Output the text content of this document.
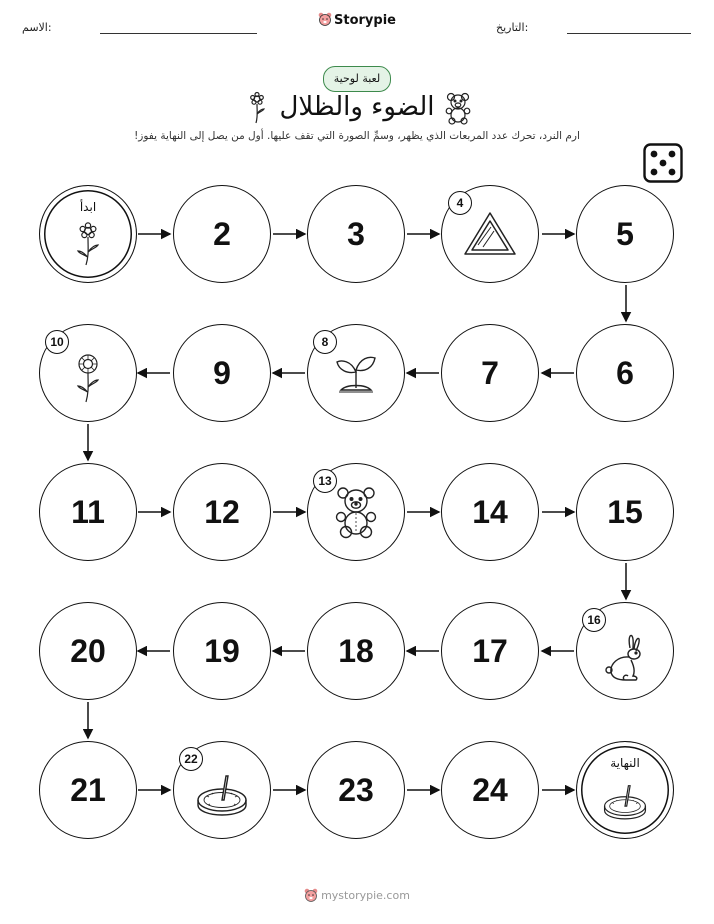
الاسم:	التاريخ:
Storypie
لعبة لوحية
الضوء والظلال
ارم النرد، تحرك عدد المربعات الذي يظهر، وسمِّ الصورة التي تقف عليها. أول من يصل إلى النهاية يفوز!
ابدأ
2	3
4
5
10
9
8
7	6
11	12
13
14	15
20	19	18	17
16
21
22
23	24
النهاية
mystorypie.com
